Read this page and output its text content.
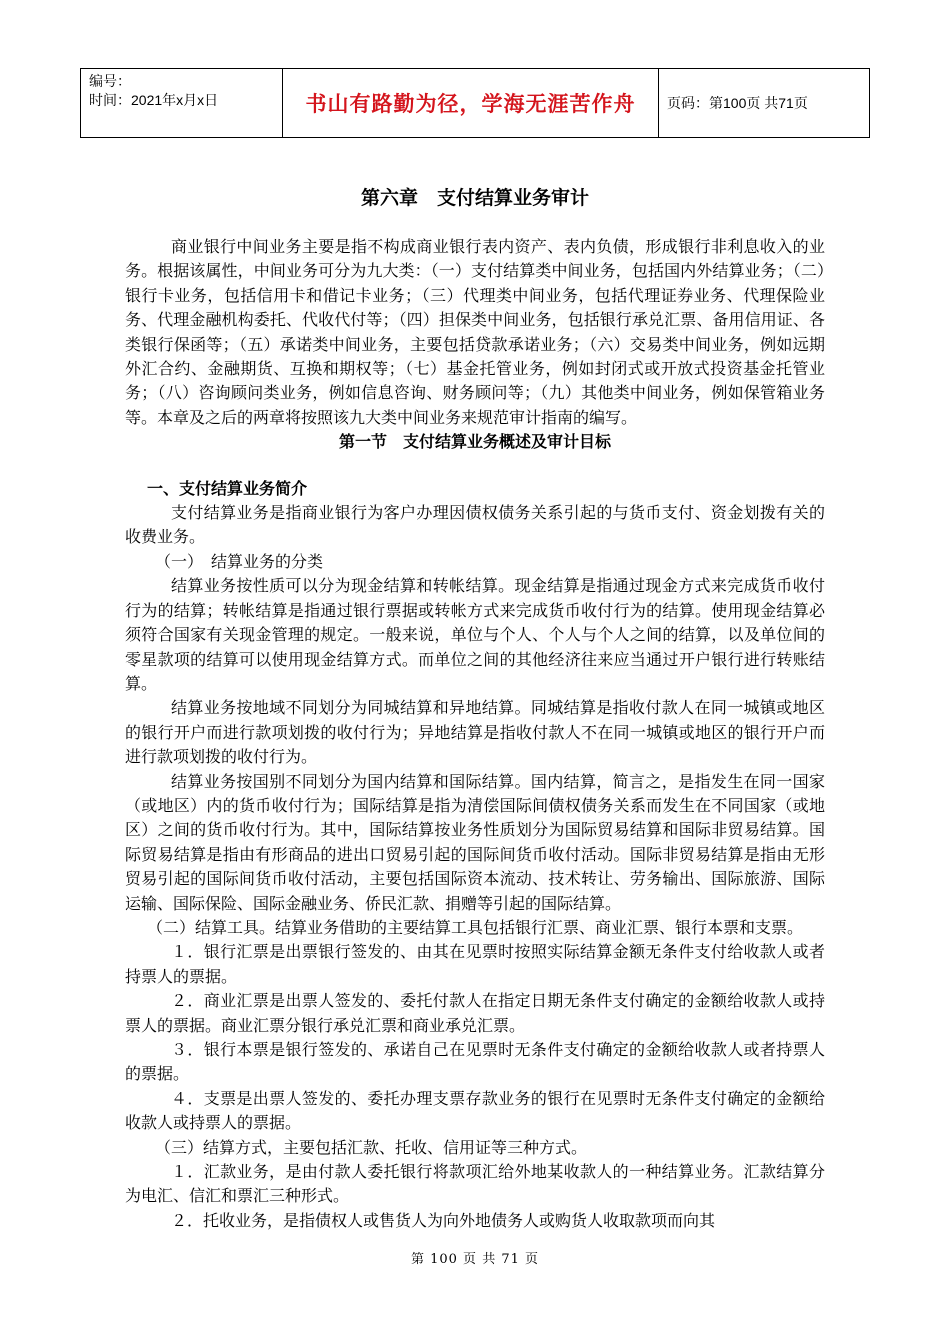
编号：
时间：2021年x月x日	书山有路勤为径，学海无涯苦作舟	页码：第100页 共71页

第六章　支付结算业务审计

商业银行中间业务主要是指不构成商业银行表内资产、表内负债，形成银行非利息收入的业务。根据该属性，中间业务可分为九大类：（一）支付结算类中间业务，包括国内外结算业务；（二）银行卡业务，包括信用卡和借记卡业务；（三）代理类中间业务，包括代理证券业务、代理保险业务、代理金融机构委托、代收代付等；（四）担保类中间业务，包括银行承兑汇票、备用信用证、各类银行保函等；（五）承诺类中间业务，主要包括贷款承诺业务；（六）交易类中间业务，例如远期外汇合约、金融期货、互换和期权等；（七）基金托管业务，例如封闭式或开放式投资基金托管业务；（八）咨询顾问类业务，例如信息咨询、财务顾问等；（九）其他类中间业务，例如保管箱业务等。本章及之后的两章将按照该九大类中间业务来规范审计指南的编写。

第一节　支付结算业务概述及审计目标

一、支付结算业务简介

支付结算业务是指商业银行为客户办理因债权债务关系引起的与货币支付、资金划拨有关的收费业务。

（一）　结算业务的分类

结算业务按性质可以分为现金结算和转帐结算。现金结算是指通过现金方式来完成货币收付行为的结算；转帐结算是指通过银行票据或转帐方式来完成货币收付行为的结算。使用现金结算必须符合国家有关现金管理的规定。一般来说，单位与个人、个人与个人之间的结算，以及单位间的零星款项的结算可以使用现金结算方式。而单位之间的其他经济往来应当通过开户银行进行转账结算。

结算业务按地域不同划分为同城结算和异地结算。同城结算是指收付款人在同一城镇或地区的银行开户而进行款项划拨的收付行为；异地结算是指收付款人不在同一城镇或地区的银行开户而进行款项划拨的收付行为。

结算业务按国别不同划分为国内结算和国际结算。国内结算，简言之，是指发生在同一国家（或地区）内的货币收付行为；国际结算是指为清偿国际间债权债务关系而发生在不同国家（或地区）之间的货币收付行为。其中，国际结算按业务性质划分为国际贸易结算和国际非贸易结算。国际贸易结算是指由有形商品的进出口贸易引起的国际间货币收付活动。国际非贸易结算是指由无形贸易引起的国际间货币收付活动，主要包括国际资本流动、技术转让、劳务输出、国际旅游、国际运输、国际保险、国际金融业务、侨民汇款、捐赠等引起的国际结算。

（二）结算工具。结算业务借助的主要结算工具包括银行汇票、商业汇票、银行本票和支票。

１．银行汇票是出票银行签发的、由其在见票时按照实际结算金额无条件支付给收款人或者持票人的票据。

２．商业汇票是出票人签发的、委托付款人在指定日期无条件支付确定的金额给收款人或持票人的票据。商业汇票分银行承兑汇票和商业承兑汇票。

３．银行本票是银行签发的、承诺自己在见票时无条件支付确定的金额给收款人或者持票人的票据。

４．支票是出票人签发的、委托办理支票存款业务的银行在见票时无条件支付确定的金额给收款人或持票人的票据。

（三）结算方式，主要包括汇款、托收、信用证等三种方式。

１．汇款业务，是由付款人委托银行将款项汇给外地某收款人的一种结算业务。汇款结算分为电汇、信汇和票汇三种形式。

２．托收业务，是指债权人或售货人为向外地债务人或购货人收取款项而向其

第 100 页 共 71 页
